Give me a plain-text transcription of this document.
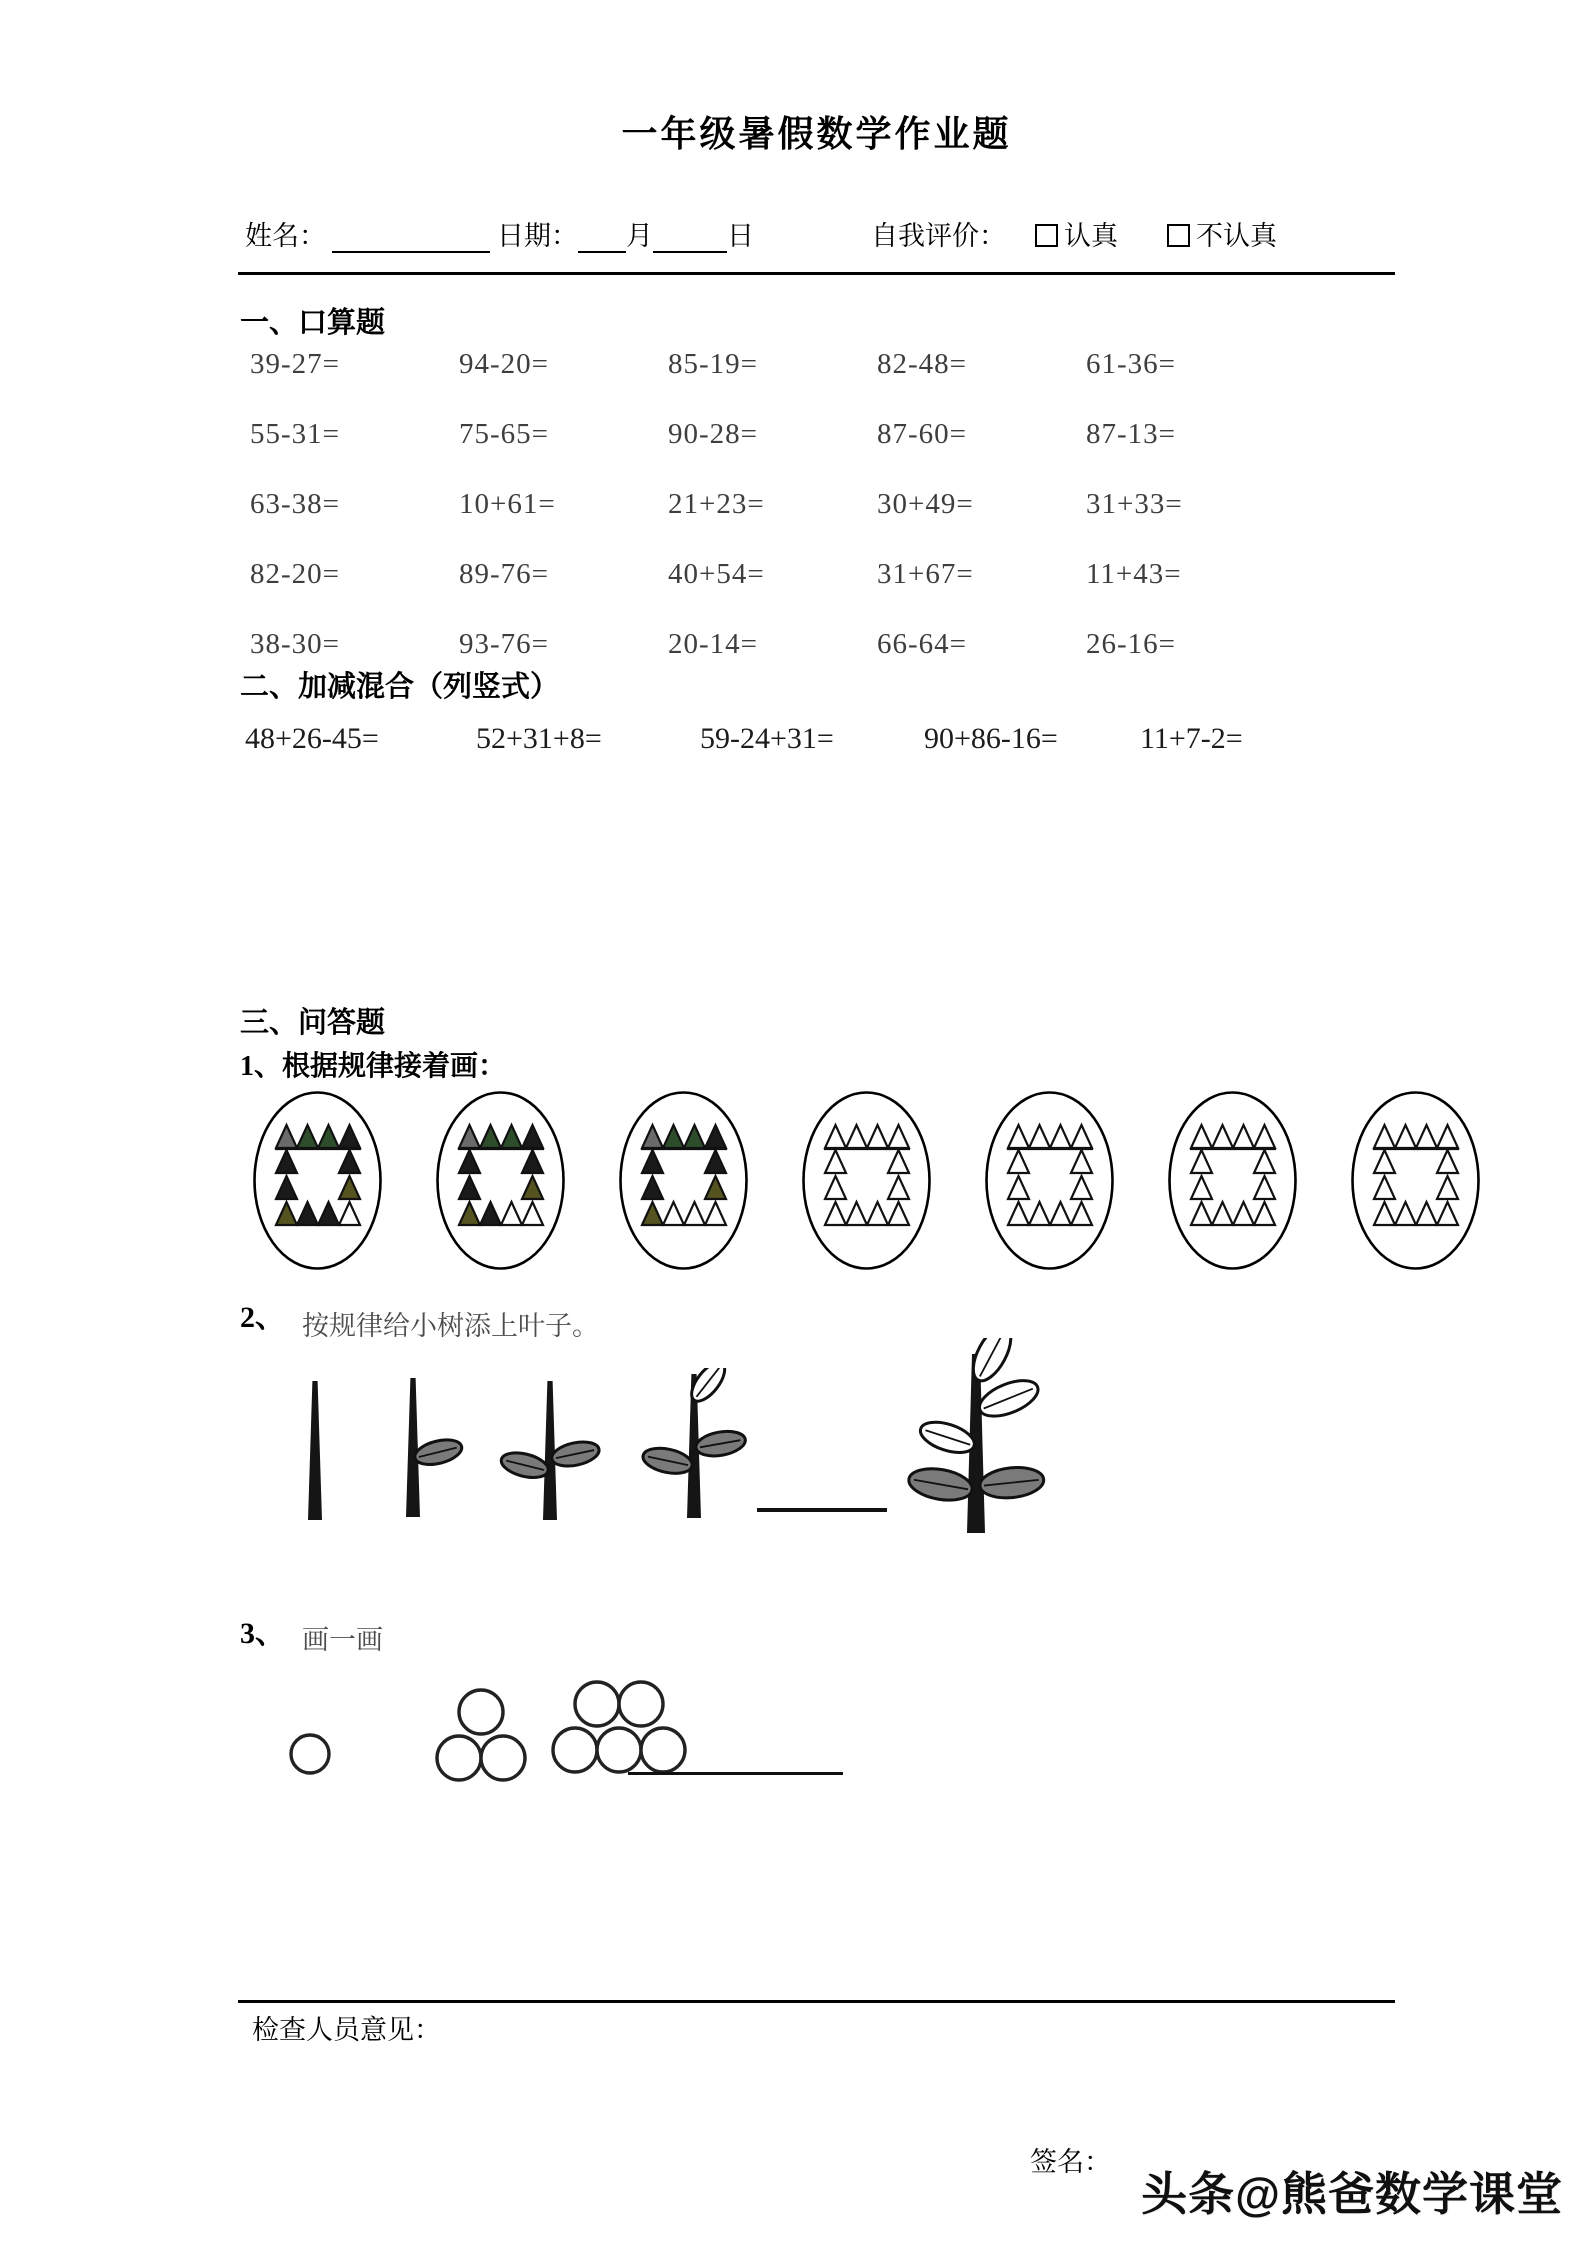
一年级暑假数学作业题
姓名：	日期： 月	日	自我评价：	认真	不认真
一、口算题
39-27=	94-20=	85-19=	82-48=	61-36=
55-31=	75-65=	90-28=	87-60=	87-13=
63-38=	10+61=	21+23=	30+49=	31+33=
82-20=	89-76=	40+54=	31+67=	11+43=
38-30=	93-76=	20-14=	66-64=	26-16=
二、加减混合（列竖式）
48+26-45=	52+31+8=	59-24+31=	90+86-16=	11+7-2=
三、问答题
1、根据规律接着画：
2、 按规律给小树添上叶子。
3、 画一画
检查人员意见：
签名：
头条@熊爸数学课堂
